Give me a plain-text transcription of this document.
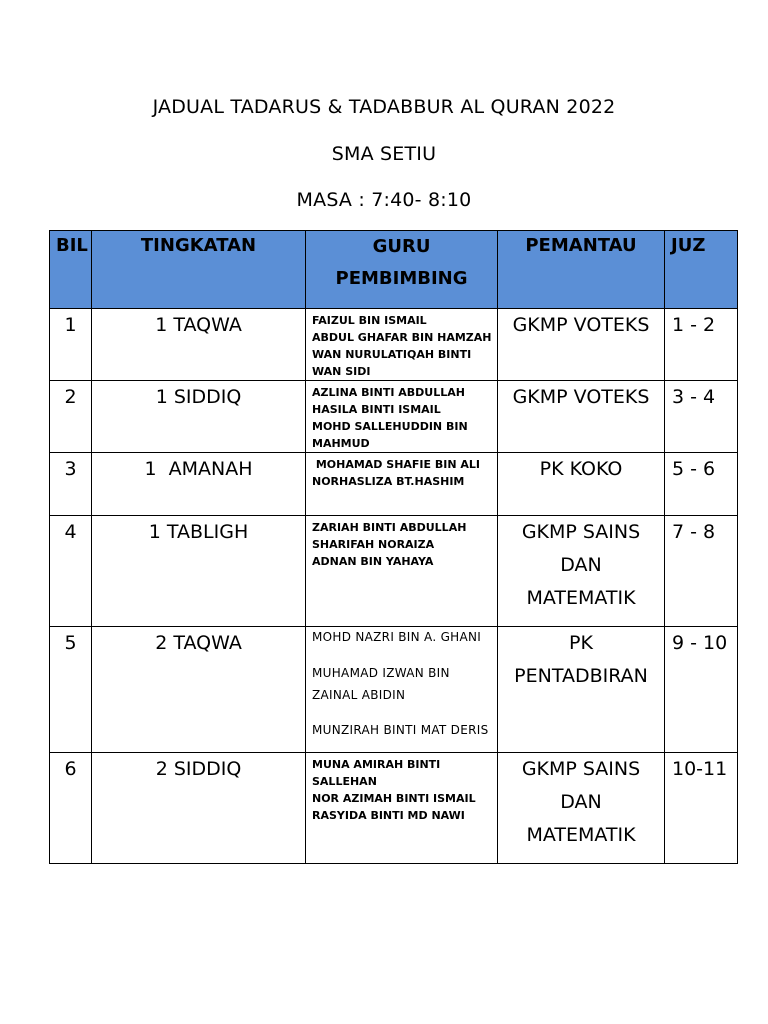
JADUAL TADARUS & TADABBUR AL QURAN 2022
SMA SETIU
MASA : 7:40- 8:10
BIL	TINGKATAN	GURU PEMBIMBING	PEMANTAU	JUZ

1	1 TAQWA	FAIZUL BIN ISMAIL
ABDUL GHAFAR BIN HAMZAH
WAN NURULATIQAH BINTI WAN SIDI	GKMP VOTEKS	1 - 2

2	1 SIDDIQ	AZLINA BINTI ABDULLAH
HASILA BINTI ISMAIL
MOHD SALLEHUDDIN BIN MAHMUD	GKMP VOTEKS	3 - 4

3	1  AMANAH	MOHAMAD SHAFIE BIN ALI
NORHASLIZA BT.HASHIM	PK KOKO	5 - 6

4	1 TABLIGH	ZARIAH BINTI ABDULLAH
SHARIFAH NORAIZA
ADNAN BIN YAHAYA	GKMP SAINS DAN MATEMATIK	7 - 8

5	2 TAQWA	MOHD NAZRI BIN A. GHANI
MUHAMAD IZWAN BIN ZAINAL ABIDIN
MUNZIRAH BINTI MAT DERIS	PK PENTADBIRAN	9 - 10

6	2 SIDDIQ	MUNA AMIRAH BINTI SALLEHAN
NOR AZIMAH BINTI ISMAIL
RASYIDA BINTI MD NAWI	GKMP SAINS DAN MATEMATIK	10-11
